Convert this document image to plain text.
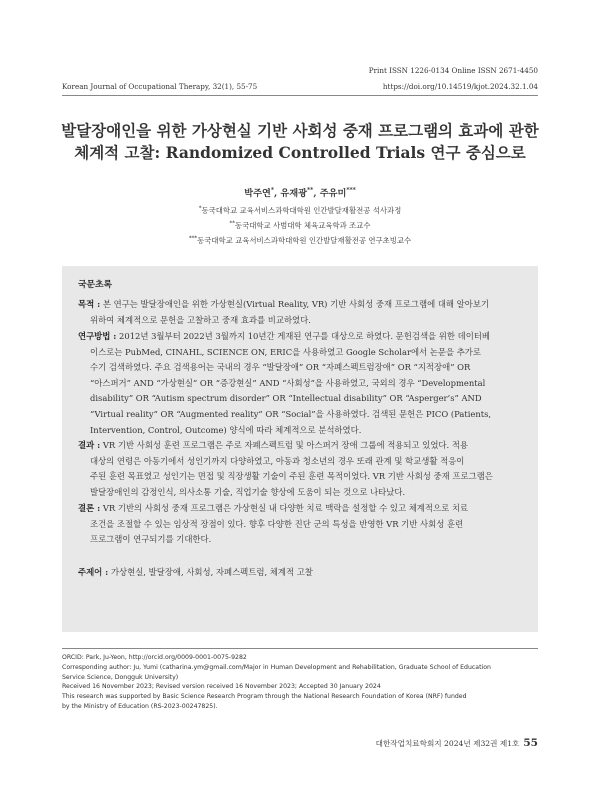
Print ISSN 1226-0134 Online ISSN 2671-4450
Korean Journal of Occupational Therapy, 32(1), 55-75	https://doi.org/10.14519/kjot.2024.32.1.04
발달장애인을 위한 가상현실 기반 사회성 중재 프로그램의 효과에 관한
체계적 고찰: Randomized Controlled Trials 연구 중심으로
박주연*, 유재광**, 주유미***
*동국대학교 교육서비스과학대학원 인간발달재활전공 석사과정
**동국대학교 사범대학 체육교육학과 조교수
***동국대학교 교육서비스과학대학원 인간발달재활전공 연구초빙교수
국문초록
목적 : 본 연구는 발달장애인을 위한 가상현실(Virtual Reality, VR) 기반 사회성 중재 프로그램에 대해 알아보기
위하여 체계적으로 문헌을 고찰하고 중재 효과를 비교하였다.
연구방법 : 2012년 3월부터 2022년 3월까지 10년간 게재된 연구를 대상으로 하였다. 문헌검색을 위한 데이터베
이스로는 PubMed, CINAHL, SCIENCE ON, ERIC을 사용하였고 Google Scholar에서 논문을 추가로
수기 검색하였다. 주요 검색용어는 국내의 경우 “발달장애” OR “자폐스펙트럼장애” OR “지적장애” OR
“아스퍼거” AND “가상현실” OR “증강현실” AND “사회성”을 사용하였고, 국외의 경우 “Developmental
disability” OR “Autism spectrum disorder” OR “Intellectual disability” OR “Asperger’s” AND
“Virtual reality” OR “Augmented reality” OR “Social”을 사용하였다. 검색된 문헌은 PICO (Patients,
Intervention, Control, Outcome) 양식에 따라 체계적으로 분석하였다.
결과 : VR 기반 사회성 훈련 프로그램은 주로 자폐스펙트럼 및 아스퍼거 장애 그룹에 적용되고 있었다. 적용
대상의 연령은 아동기에서 성인기까지 다양하였고, 아동과 청소년의 경우 또래 관계 및 학교생활 적응이
주된 훈련 목표였고 성인기는 면접 및 직장생활 기술이 주된 훈련 목적이었다. VR 기반 사회성 중재 프로그램은
발달장애인의 감정인식, 의사소통 기술, 직업기술 향상에 도움이 되는 것으로 나타났다.
결론 : VR 기반의 사회성 중재 프로그램은 가상현실 내 다양한 치료 맥락을 설정할 수 있고 체계적으로 치료
조건을 조절할 수 있는 임상적 장점이 있다. 향후 다양한 진단 군의 특성을 반영한 VR 기반 사회성 훈련
프로그램이 연구되기를 기대한다.
주제어 : 가상현실, 발달장애, 사회성, 자폐스펙트럼, 체계적 고찰
ORCID: Park, Ju-Yeon, http://orcid.org/0009-0001-0075-9282
Corresponding author: Ju, Yumi (catharina.ym@gmail.com/Major in Human Development and Rehabilitation, Graduate School of Education
Service Science, Dongguk University)
Received 16 November 2023; Revised version received 16 November 2023; Accepted 30 January 2024
This research was supported by Basic Science Research Program through the National Research Foundation of Korea (NRF) funded
by the Ministry of Education (RS-2023-00247825).
대한작업치료학회지 2024년 제32권 제1호 55
